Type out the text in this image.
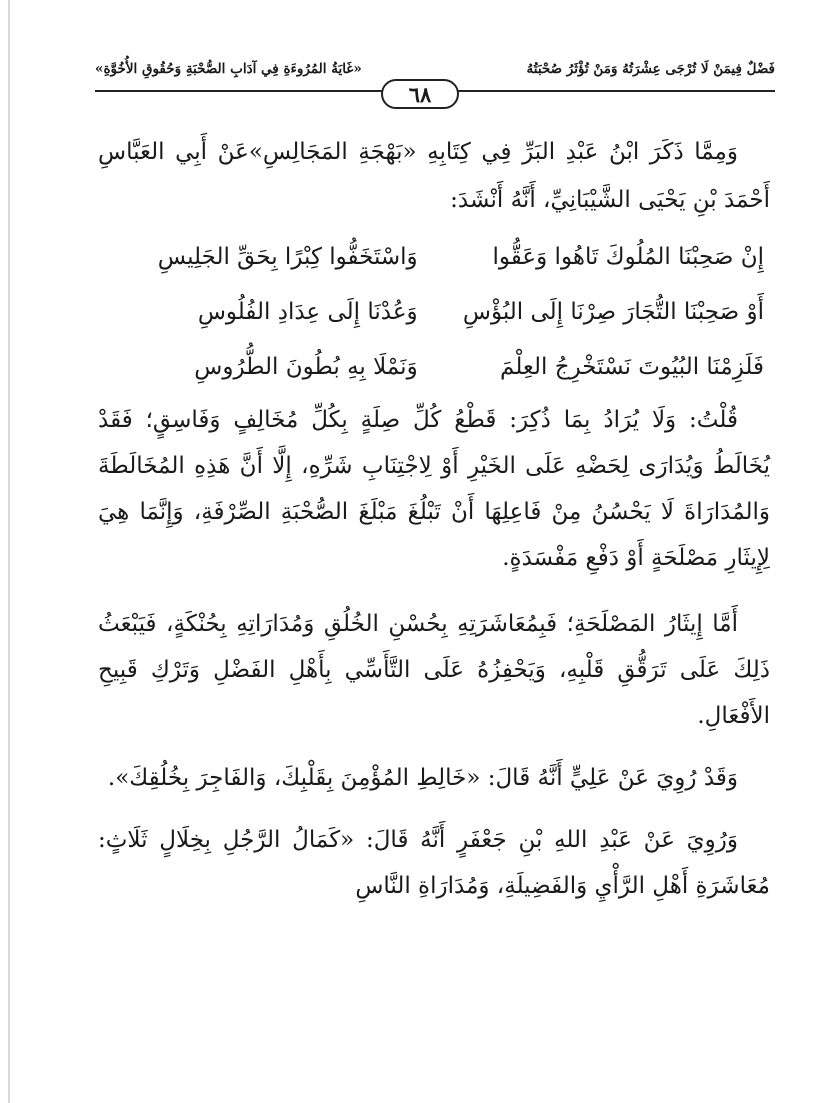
فَضْلٌ فِيمَنْ لَا تُرْجَى عِشْرَتُهُ وَمَنْ تُؤْثَرُ صُحْبَتُهُ
«غَايَةُ المُرُوءَةِ فِي آدَابِ الصُّحْبَةِ وَحُقُوقِ الأُخُوَّةِ»
٦٨

وَمِمَّا ذَكَرَ ابْنُ عَبْدِ البَرِّ فِي كِتَابِهِ «بَهْجَةِ المَجَالِسِ»عَنْ أَبِي العَبَّاسِ أَحْمَدَ بْنِ يَحْيَى الشَّيْبَانِيِّ، أَنَّهُ أَنْشَدَ:

إِنْ صَحِبْنَا المُلُوكَ تَاهُوا وَعَقُّوا
وَاسْتَخَفُّوا كِبْرًا بِحَقِّ الجَلِيسِ
أَوْ صَحِبْنَا التُّجَارَ صِرْنَا إِلَى البُؤْسِ
وَعُدْنَا إِلَى عِدَادِ الفُلُوسِ
فَلَزِمْنَا البُيُوتَ نَسْتَخْرِجُ العِلْمَ
وَنَمْلَا بِهِ بُطُونَ الطُّرُوسِ

قُلْتُ: وَلَا يُرَادُ بِمَا ذُكِرَ: قَطْعُ كُلِّ صِلَةٍ بِكُلِّ مُخَالِفٍ وَفَاسِقٍ؛ فَقَدْ يُخَالَطُ وَيُدَارَى لِحَضْهِ عَلَى الخَيْرِ أَوْ لِاجْتِنَابِ شَرِّهِ، إِلَّا أَنَّ هَذِهِ المُخَالَطَةَ وَالمُدَارَاةَ لَا يَحْسُنُ مِنْ فَاعِلِهَا أَنْ تَبْلُغَ مَبْلَغَ الصُّحْبَةِ الصِّرْفَةِ، وَإِنَّمَا هِيَ لِإِيثَارِ مَصْلَحَةٍ أَوْ دَفْعِ مَفْسَدَةٍ.

أَمَّا إِيثَارُ المَصْلَحَةِ؛ فَبِمُعَاشَرَتِهِ بِحُسْنِ الخُلُقِ وَمُدَارَاتِهِ بِحُنْكَةٍ، فَيَبْعَثُ ذَلِكَ عَلَى تَرَقُّقِ قَلْبِهِ، وَيَحْفِزُهُ عَلَى التَّأَسِّي بِأَهْلِ الفَضْلِ وَتَرْكِ قَبِيحِ الأَفْعَالِ.

وَقَدْ رُوِيَ عَنْ عَلِيٍّ أَنَّهُ قَالَ: «خَالِطِ المُؤْمِنَ بِقَلْبِكَ، وَالفَاجِرَ بِخُلُقِكَ».

وَرُوِيَ عَنْ عَبْدِ اللهِ بْنِ جَعْفَرٍ أَنَّهُ قَالَ: «كَمَالُ الرَّجُلِ بِخِلَالٍ ثَلَاثٍ: مُعَاشَرَةِ أَهْلِ الرَّأْيِ وَالفَضِيلَةِ، وَمُدَارَاةِ النَّاسِ
